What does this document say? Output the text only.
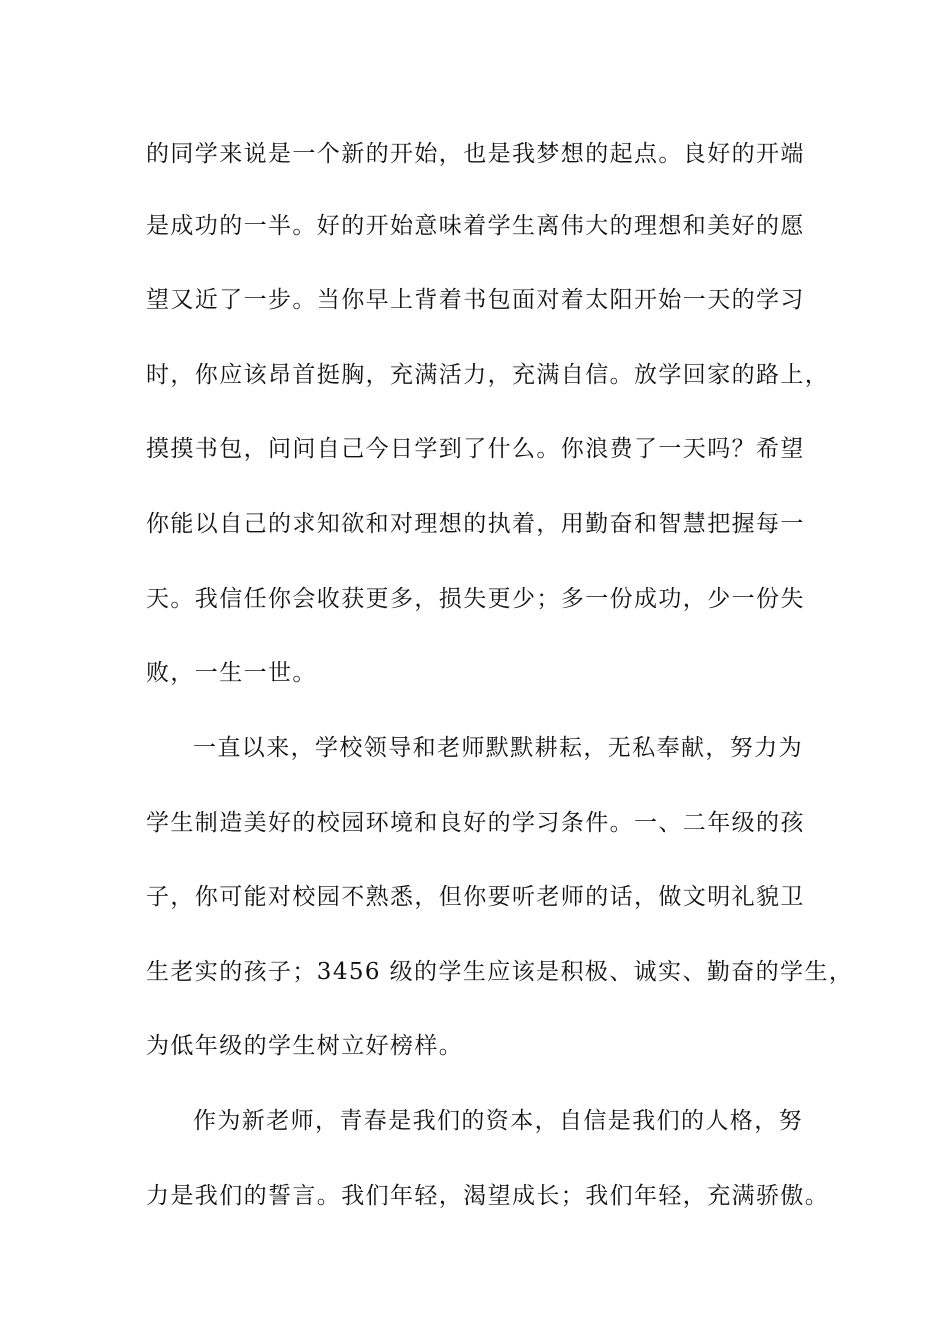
的同学来说是一个新的开始，也是我梦想的起点。良好的开端

是成功的一半。好的开始意味着学生离伟大的理想和美好的愿

望又近了一步。当你早上背着书包面对着太阳开始一天的学习

时，你应该昂首挺胸，充满活力，充满自信。放学回家的路上，

摸摸书包，问问自己今日学到了什么。你浪费了一天吗？希望

你能以自己的求知欲和对理想的执着，用勤奋和智慧把握每一

天。我信任你会收获更多，损失更少；多一份成功，少一份失

败，一生一世。

一直以来，学校领导和老师默默耕耘，无私奉献，努力为

学生制造美好的校园环境和良好的学习条件。一、二年级的孩

子，你可能对校园不熟悉，但你要听老师的话，做文明礼貌卫

生老实的孩子；3456 级的学生应该是积极、诚实、勤奋的学生，

为低年级的学生树立好榜样。

作为新老师，青春是我们的资本，自信是我们的人格，努

力是我们的誓言。我们年轻，渴望成长；我们年轻，充满骄傲。
